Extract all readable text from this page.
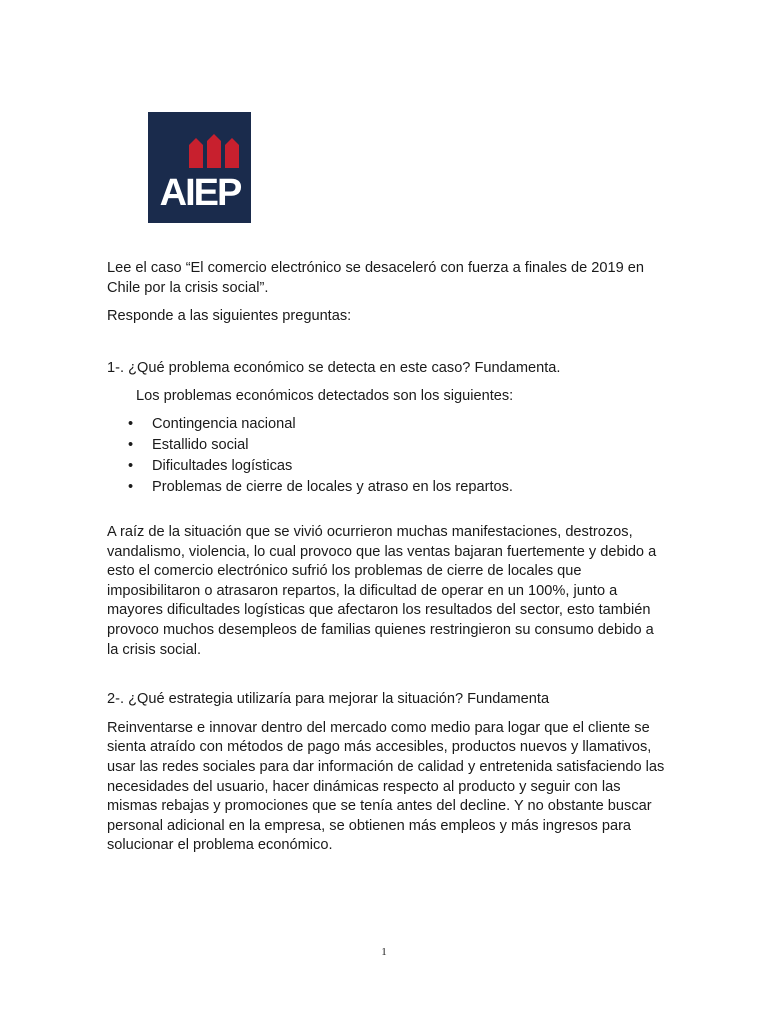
AIEP

Lee el caso “El comercio electrónico se desaceleró con fuerza a finales de 2019 en Chile por la crisis social”.

Responde a las siguientes preguntas:

1-. ¿Qué problema económico se detecta en este caso? Fundamenta.

Los problemas económicos detectados son los siguientes:

•	Contingencia nacional
•	Estallido social
•	Dificultades logísticas
•	Problemas de cierre de locales y atraso en los repartos.

A raíz de la situación que se vivió ocurrieron muchas manifestaciones, destrozos, vandalismo, violencia, lo cual provoco que las ventas bajaran fuertemente y debido a esto el comercio electrónico sufrió los problemas de cierre de locales que imposibilitaron o atrasaron repartos, la dificultad de operar en un 100%, junto a mayores dificultades logísticas que afectaron los resultados del sector, esto también provoco muchos desempleos de familias quienes restringieron su consumo debido a la crisis social.

2-. ¿Qué estrategia utilizaría para mejorar la situación? Fundamenta

Reinventarse e innovar dentro del mercado como medio para logar que el cliente se sienta atraído con métodos de pago más accesibles, productos nuevos y llamativos, usar las redes sociales para dar información de calidad y entretenida satisfaciendo las necesidades del usuario, hacer dinámicas respecto al producto y seguir con las mismas rebajas y promociones que se tenía antes del decline. Y no obstante buscar personal adicional en la empresa, se obtienen más empleos y más ingresos para solucionar el problema económico.

1
